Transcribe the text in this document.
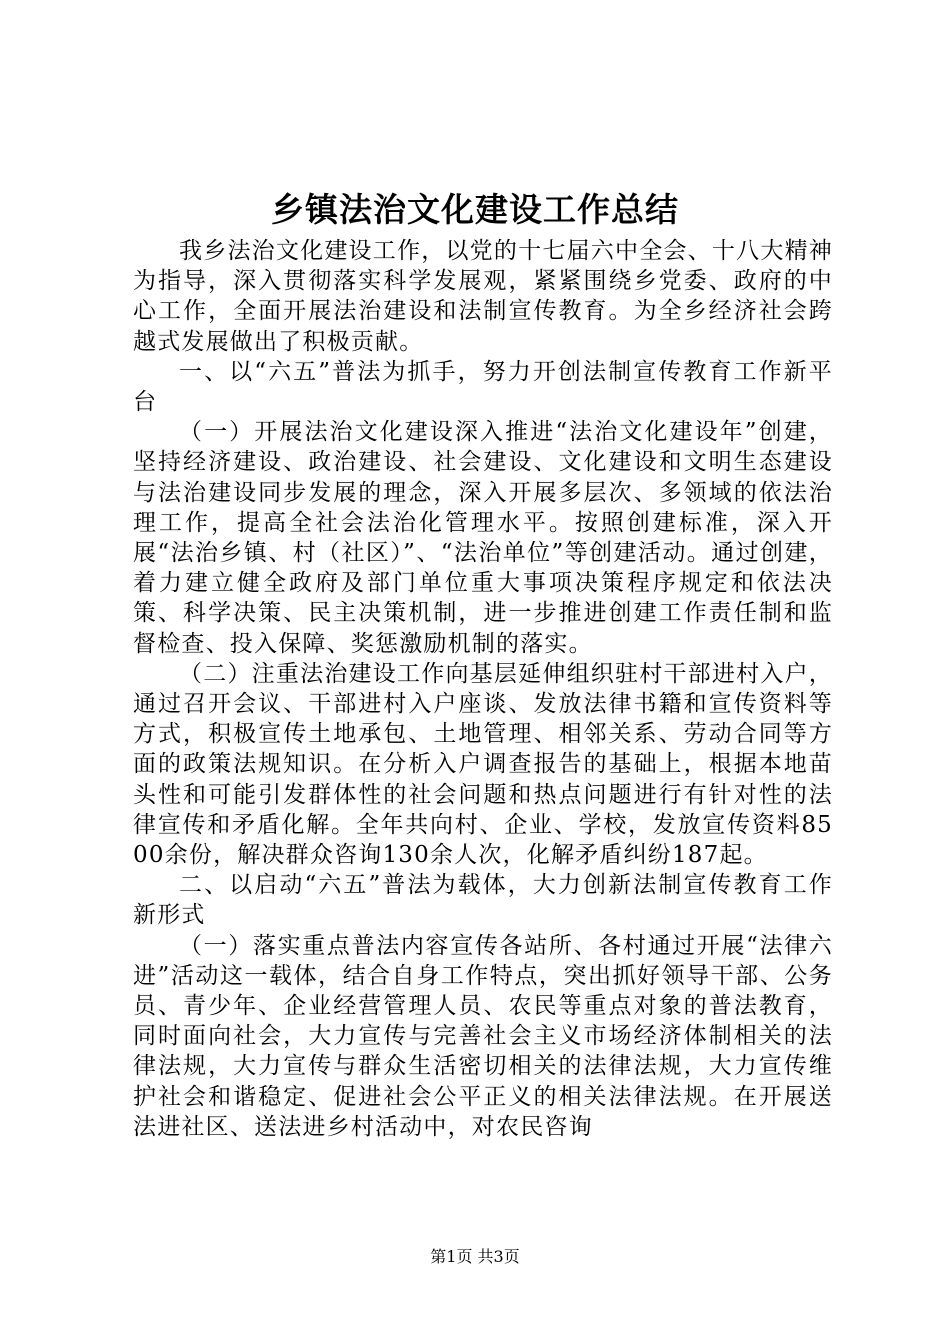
乡镇法治文化建设工作总结

我乡法治文化建设工作，以党的十七届六中全会、十八大精神为指导，深入贯彻落实科学发展观，紧紧围绕乡党委、政府的中心工作，全面开展法治建设和法制宣传教育。为全乡经济社会跨越式发展做出了积极贡献。

一、以“六五”普法为抓手，努力开创法制宣传教育工作新平台

（一）开展法治文化建设深入推进“法治文化建设年”创建，坚持经济建设、政治建设、社会建设、文化建设和文明生态建设与法治建设同步发展的理念，深入开展多层次、多领域的依法治理工作，提高全社会法治化管理水平。按照创建标准，深入开展“法治乡镇、村（社区）”、“法治单位”等创建活动。通过创建，着力建立健全政府及部门单位重大事项决策程序规定和依法决策、科学决策、民主决策机制，进一步推进创建工作责任制和监督检查、投入保障、奖惩激励机制的落实。

（二）注重法治建设工作向基层延伸组织驻村干部进村入户，通过召开会议、干部进村入户座谈、发放法律书籍和宣传资料等方式，积极宣传土地承包、土地管理、相邻关系、劳动合同等方面的政策法规知识。在分析入户调查报告的基础上，根据本地苗头性和可能引发群体性的社会问题和热点问题进行有针对性的法律宣传和矛盾化解。全年共向村、企业、学校，发放宣传资料8500余份，解决群众咨询130余人次，化解矛盾纠纷187起。

二、以启动“六五”普法为载体，大力创新法制宣传教育工作新形式

（一）落实重点普法内容宣传各站所、各村通过开展“法律六进”活动这一载体，结合自身工作特点，突出抓好领导干部、公务员、青少年、企业经营管理人员、农民等重点对象的普法教育，同时面向社会，大力宣传与完善社会主义市场经济体制相关的法律法规，大力宣传与群众生活密切相关的法律法规，大力宣传维护社会和谐稳定、促进社会公平正义的相关法律法规。在开展送法进社区、送法进乡村活动中，对农民咨询

第1页 共3页
